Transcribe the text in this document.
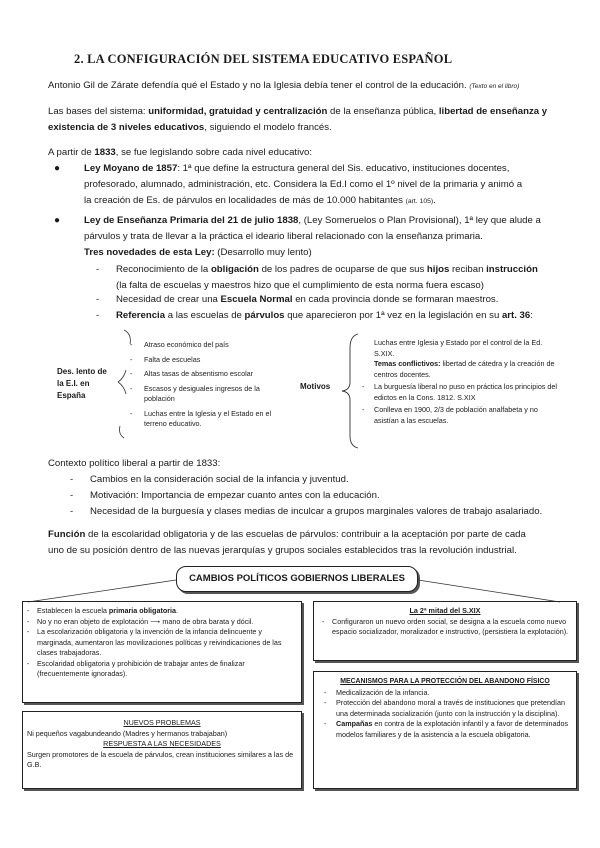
2. LA CONFIGURACIÓN DEL SISTEMA EDUCATIVO ESPAÑOL
Antonio Gil de Zárate defendía qué el Estado y no la Iglesia debía tener el control de la educación. (Texto en el libro)
Las bases del sistema: uniformidad, gratuidad y centralización de la enseñanza pública, libertad de enseñanza y
existencia de 3 niveles educativos, siguiendo el modelo francés.
A partir de 1833, se fue legislando sobre cada nivel educativo:
● Ley Moyano de 1857: 1ª que define la estructura general del Sis. educativo, instituciones docentes,
profesorado, alumnado, administración, etc. Considera la Ed.I como el 1º nivel de la primaria y animó a
la creación de Es. de párvulos en localidades de más de 10.000 habitantes (art. 105).
● Ley de Enseñanza Primaria del 21 de julio 1838, (Ley Someruelos o Plan Provisional), 1ª ley que alude a
párvulos y trata de llevar a la práctica el ideario liberal relacionado con la enseñanza primaria.
Tres novedades de esta Ley: (Desarrollo muy lento)
- Reconocimiento de la obligación de los padres de ocuparse de que sus hijos reciban instrucción
(la falta de escuelas y maestros hizo que el cumplimiento de esta norma fuera escaso)
- Necesidad de crear una Escuela Normal en cada provincia donde se formaran maestros.
- Referencia a las escuelas de párvulos que aparecieron por 1ª vez en la legislación en su art. 36:
Des. lento de la E.I. en España
- Atraso económico del país
- Falta de escuelas
- Altas tasas de absentismo escolar
- Escasos y desiguales ingresos de la población
- Luchas entre la Iglesia y el Estado en el terreno educativo.
Motivos
Luchas entre Iglesia y Estado por el control de la Ed. S.XIX.
Temas conflictivos: libertad de cátedra y la creación de centros docentes.
- La burguesía liberal no puso en práctica los principios del edictos en la Cons. 1812. S.XIX
- Conlleva en 1900, 2/3 de población analfabeta y no asistían a las escuelas.
Contexto político liberal a partir de 1833:
- Cambios en la consideración social de la infancia y juventud.
- Motivación: Importancia de empezar cuanto antes con la educación.
- Necesidad de la burguesía y clases medias de inculcar a grupos marginales valores de trabajo asalariado.
Función de la escolaridad obligatoria y de las escuelas de párvulos: contribuir a la aceptación por parte de cada
uno de su posición dentro de las nuevas jerarquías y grupos sociales establecidos tras la revolución industrial.
CAMBIOS POLÍTICOS GOBIERNOS LIBERALES
- Establecen la escuela primaria obligatoria.
- No y no eran objeto de explotación ⟶ mano de obra barata y dócil.
- La escolarización obligatoria y la invención de la infancia delincuente y marginada, aumentaron las movilizaciones políticas y reivindicaciones de las clases trabajadoras.
- Escolaridad obligatoria y prohibición de trabajar antes de finalizar (frecuentemente ignoradas).
NUEVOS PROBLEMAS
Ni pequeños vagabundeando (Madres y hermanos trabajaban)
RESPUESTA A LAS NECESIDADES
Surgen promotores de la escuela de párvulos, crean instituciones similares a las de G.B.
La 2ª mitad del S.XIX
- Configuraron un nuevo orden social, se designa a la escuela como nuevo espacio socializador, moralizador e instructivo, (persistiera la explotación).
MECANISMOS PARA LA PROTECCIÓN DEL ABANDONO FÍSICO
- Medicalización de la infancia.
- Protección del abandono moral a través de instituciones que pretendían una determinada socialización (junto con la instrucción y la disciplina).
- Campañas en contra de la explotación infantil y a favor de determinados modelos familiares y de la asistencia a la escuela obligatoria.
